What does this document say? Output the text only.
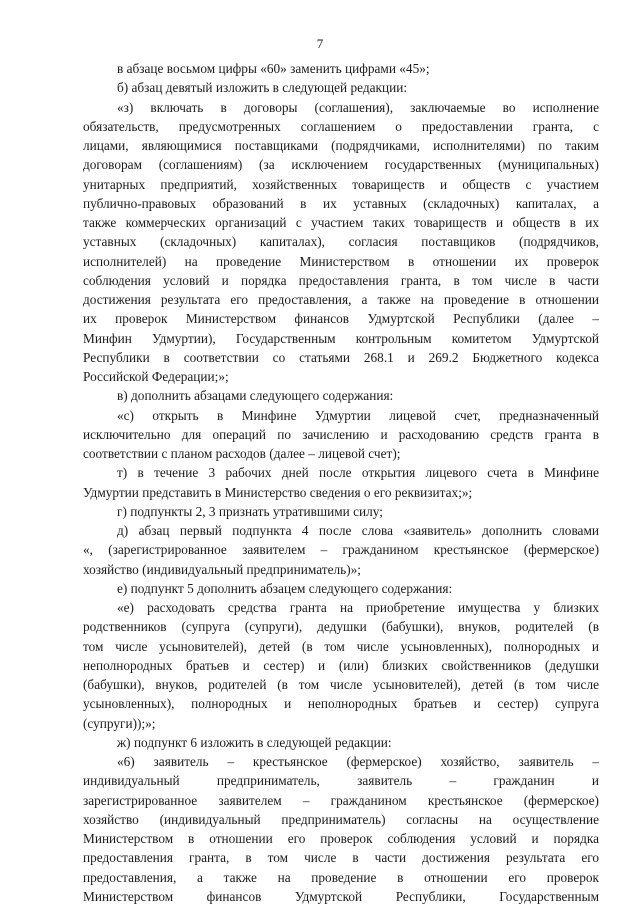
7
в абзаце восьмом цифры «60» заменить цифрами «45»;
б) абзац девятый изложить в следующей редакции:
«з) включать в договоры (соглашения), заключаемые во исполнение
обязательств, предусмотренных соглашением о предоставлении гранта, с
лицами, являющимися поставщиками (подрядчиками, исполнителями) по таким
договорам (соглашениям) (за исключением государственных (муниципальных)
унитарных предприятий, хозяйственных товариществ и обществ с участием
публично-правовых образований в их уставных (складочных) капиталах, а
также коммерческих организаций с участием таких товариществ и обществ в их
уставных (складочных) капиталах), согласия поставщиков (подрядчиков,
исполнителей) на проведение Министерством в отношении их проверок
соблюдения условий и порядка предоставления гранта, в том числе в части
достижения результата его предоставления, а также на проведение в отношении
их проверок Министерством финансов Удмуртской Республики (далее –
Минфин Удмуртии), Государственным контрольным комитетом Удмуртской
Республики в соответствии со статьями 268.1 и 269.2 Бюджетного кодекса
Российской Федерации;»;
в) дополнить абзацами следующего содержания:
«с) открыть в Минфине Удмуртии лицевой счет, предназначенный
исключительно для операций по зачислению и расходованию средств гранта в
соответствии с планом расходов (далее – лицевой счет);
т) в течение 3 рабочих дней после открытия лицевого счета в Минфине
Удмуртии представить в Министерство сведения о его реквизитах;»;
г) подпункты 2, 3 признать утратившими силу;
д) абзац первый подпункта 4 после слова «заявитель» дополнить словами
«, (зарегистрированное заявителем – гражданином крестьянское (фермерское)
хозяйство (индивидуальный предприниматель)»;
е) подпункт 5 дополнить абзацем следующего содержания:
«е) расходовать средства гранта на приобретение имущества у близких
родственников (супруга (супруги), дедушки (бабушки), внуков, родителей (в
том числе усыновителей), детей (в том числе усыновленных), полнородных и
неполнородных братьев и сестер) и (или) близких свойственников (дедушки
(бабушки), внуков, родителей (в том числе усыновителей), детей (в том числе
усыновленных), полнородных и неполнородных братьев и сестер) супруга
(супруги));»;
ж) подпункт 6 изложить в следующей редакции:
«6) заявитель – крестьянское (фермерское) хозяйство, заявитель –
индивидуальный предприниматель, заявитель – гражданин и
зарегистрированное заявителем – гражданином крестьянское (фермерское)
хозяйство (индивидуальный предприниматель) согласны на осуществление
Министерством в отношении его проверок соблюдения условий и порядка
предоставления гранта, в том числе в части достижения результата его
предоставления, а также на проведение в отношении его проверок
Министерством финансов Удмуртской Республики, Государственным
